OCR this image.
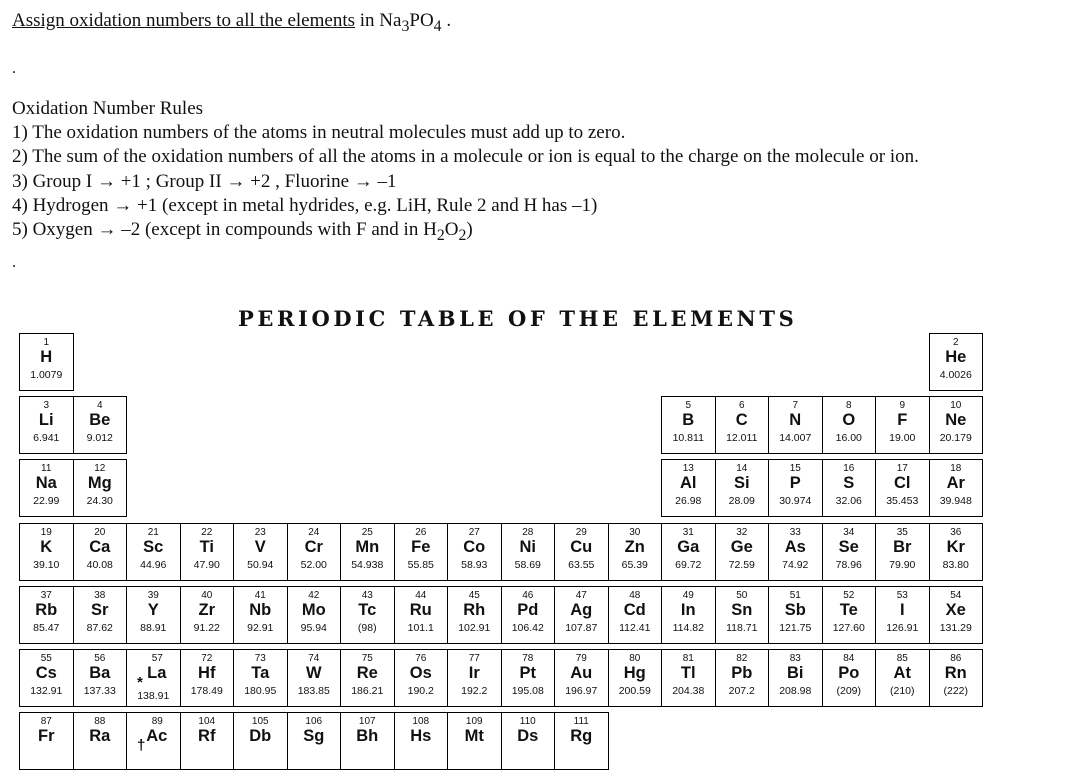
Assign oxidation numbers to all the elements in $Na_3PO_4$ .
.
Oxidation Number Rules
1) The oxidation numbers of the atoms in neutral molecules must add up to zero.
2) The sum of the oxidation numbers of all the atoms in a molecule or ion is equal to the charge on the molecule or ion.
3) Group I → +1 ; Group II → +2 , Fluorine → –1
4) Hydrogen → +1 (except in metal hydrides, e.g. LiH, Rule 2 and H has –1)
5) Oxygen → –2 (except in compounds with F and in $H_2O_2$)
.
PERIODIC TABLE OF THE ELEMENTS
1
H
1.0079
2
He
4.0026
3
Li
6.941
4
Be
9.012
5
B
10.811
6
C
12.011
7
N
14.007
8
O
16.00
9
F
19.00
10
Ne
20.179
11
Na
22.99
12
Mg
24.30
13
Al
26.98
14
Si
28.09
15
P
30.974
16
S
32.06
17
Cl
35.453
18
Ar
39.948
19
K
39.10
20
Ca
40.08
21
Sc
44.96
22
Ti
47.90
23
V
50.94
24
Cr
52.00
25
Mn
54.938
26
Fe
55.85
27
Co
58.93
28
Ni
58.69
29
Cu
63.55
30
Zn
65.39
31
Ga
69.72
32
Ge
72.59
33
As
74.92
34
Se
78.96
35
Br
79.90
36
Kr
83.80
37
Rb
85.47
38
Sr
87.62
39
Y
88.91
40
Zr
91.22
41
Nb
92.91
42
Mo
95.94
43
Tc
(98)
44
Ru
101.1
45
Rh
102.91
46
Pd
106.42
47
Ag
107.87
48
Cd
112.41
49
In
114.82
50
Sn
118.71
51
Sb
121.75
52
Te
127.60
53
I
126.91
54
Xe
131.29
55
Cs
132.91
56
Ba
137.33
57
La
138.91
*
72
Hf
178.49
73
Ta
180.95
74
W
183.85
75
Re
186.21
76
Os
190.2
77
Ir
192.2
78
Pt
195.08
79
Au
196.97
80
Hg
200.59
81
Tl
204.38
82
Pb
207.2
83
Bi
208.98
84
Po
(209)
85
At
(210)
86
Rn
(222)
87
Fr
88
Ra
89
Ac
†
104
Rf
105
Db
106
Sg
107
Bh
108
Hs
109
Mt
110
Ds
111
Rg
